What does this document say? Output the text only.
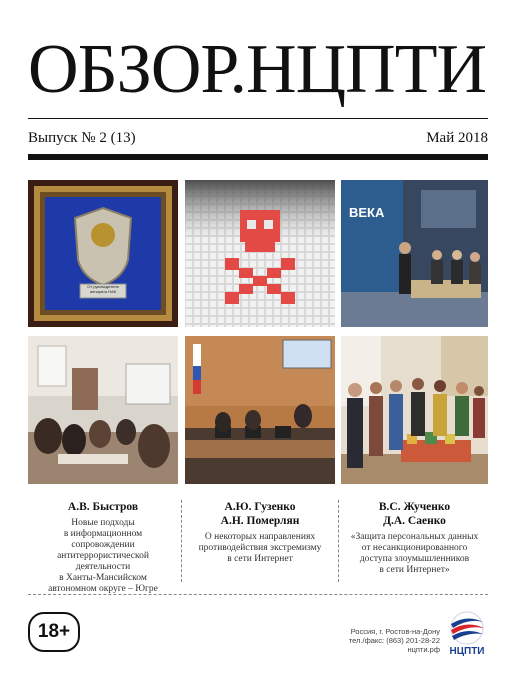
ОБЗОР.НЦПТИ
Выпуск № 2 (13)	Май 2018
От руководителя аппарата НАК
ВЕКА
А.В. Быстров
Новые подходы
в информационном
сопровождении
антитеррористической
деятельности
в Ханты-Мансийском
автономном округе – Югре
А.Ю. Гузенко
А.Н. Померлян
О некоторых направлениях
противодействия экстремизму
в сети Интернет
В.С. Жученко
Д.А. Саенко
«Защита персональных данных
от несанкционированного
доступа злоумышленников
в сети Интернет»
18+	Россия, г. Ростов-на-Дону
тел./факс: (863) 201-28-22
нцпти.рф НЦПТИ
